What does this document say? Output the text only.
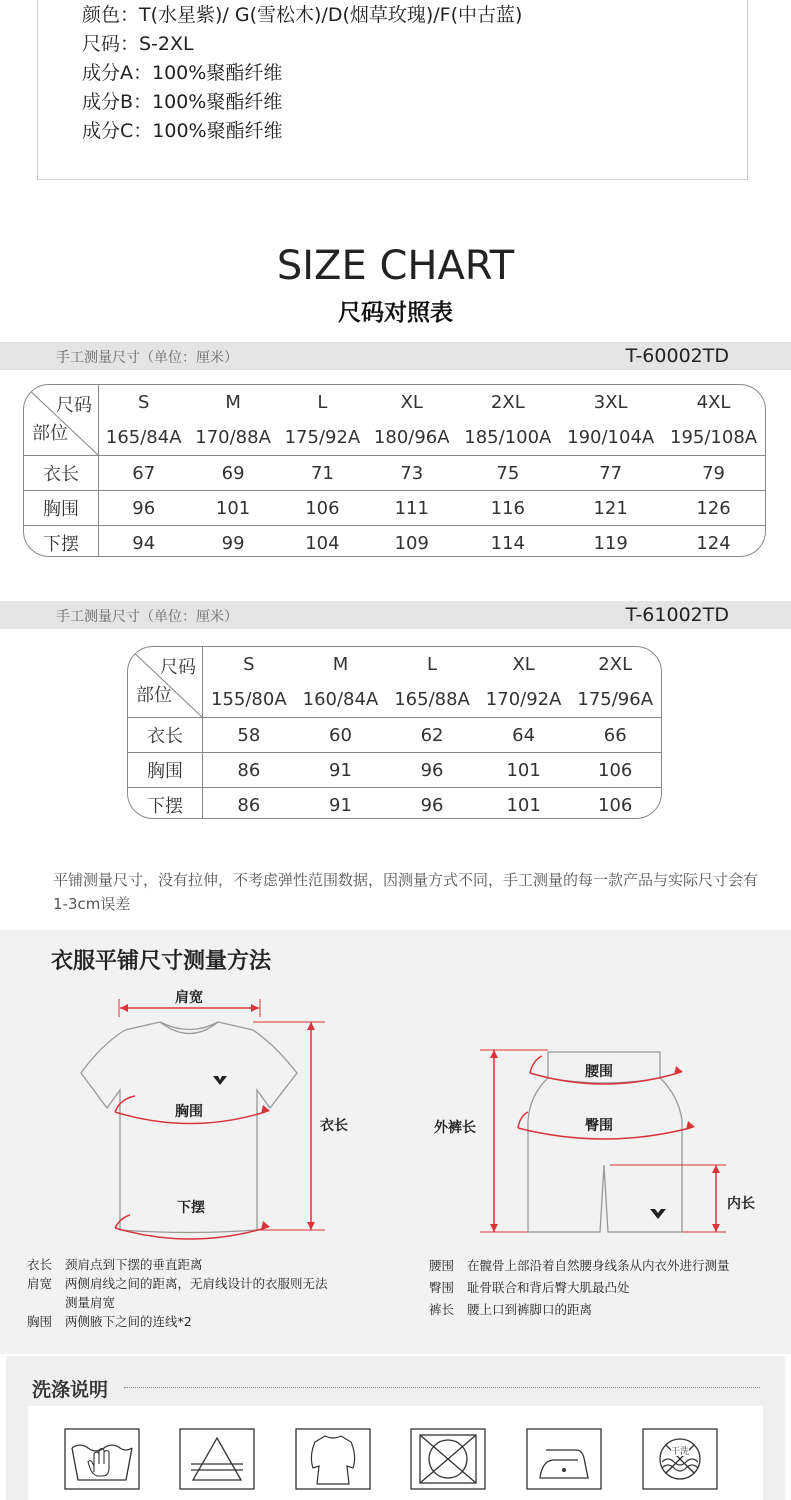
颜色：T(水星紫)/ G(雪松木)/D(烟草玫瑰)/F(中古蓝)
尺码：S-2XL
成分A：100%聚酯纤维
成分B：100%聚酯纤维
成分C：100%聚酯纤维
SIZE CHART
尺码对照表
手工测量尺寸（单位：厘米）	T-60002TD
尺码
部位	S	M	L	XL	2XL	3XL	4XL
	165/84A	170/88A	175/92A	180/96A	185/100A	190/104A	195/108A
衣长	67	69	71	73	75	77	79
胸围	96	101	106	111	116	121	126
下摆	94	99	104	109	114	119	124
手工测量尺寸（单位：厘米）	T-61002TD
尺码
部位	S	M	L	XL	2XL
	155/80A	160/84A	165/88A	170/92A	175/96A
衣长	58	60	62	64	66
胸围	86	91	96	101	106
下摆	86	91	96	101	106
平铺测量尺寸，没有拉伸，不考虑弹性范围数据，因测量方式不同，手工测量的每一款产品与实际尺寸会有1-3cm误差
衣服平铺尺寸测量方法
肩宽
胸围
下摆
衣长
腰围
臀围
外裤长
内长
衣长 颈肩点到下摆的垂直距离
肩宽 两侧肩线之间的距离，无肩线设计的衣服则无法
测量肩宽
胸围 两侧腋下之间的连线*2
腰围 在髋骨上部沿着自然腰身线条从内衣外进行测量
臀围 耻骨联合和背后臀大肌最凸处
裤长 腰上口到裤脚口的距离
洗涤说明
干洗
